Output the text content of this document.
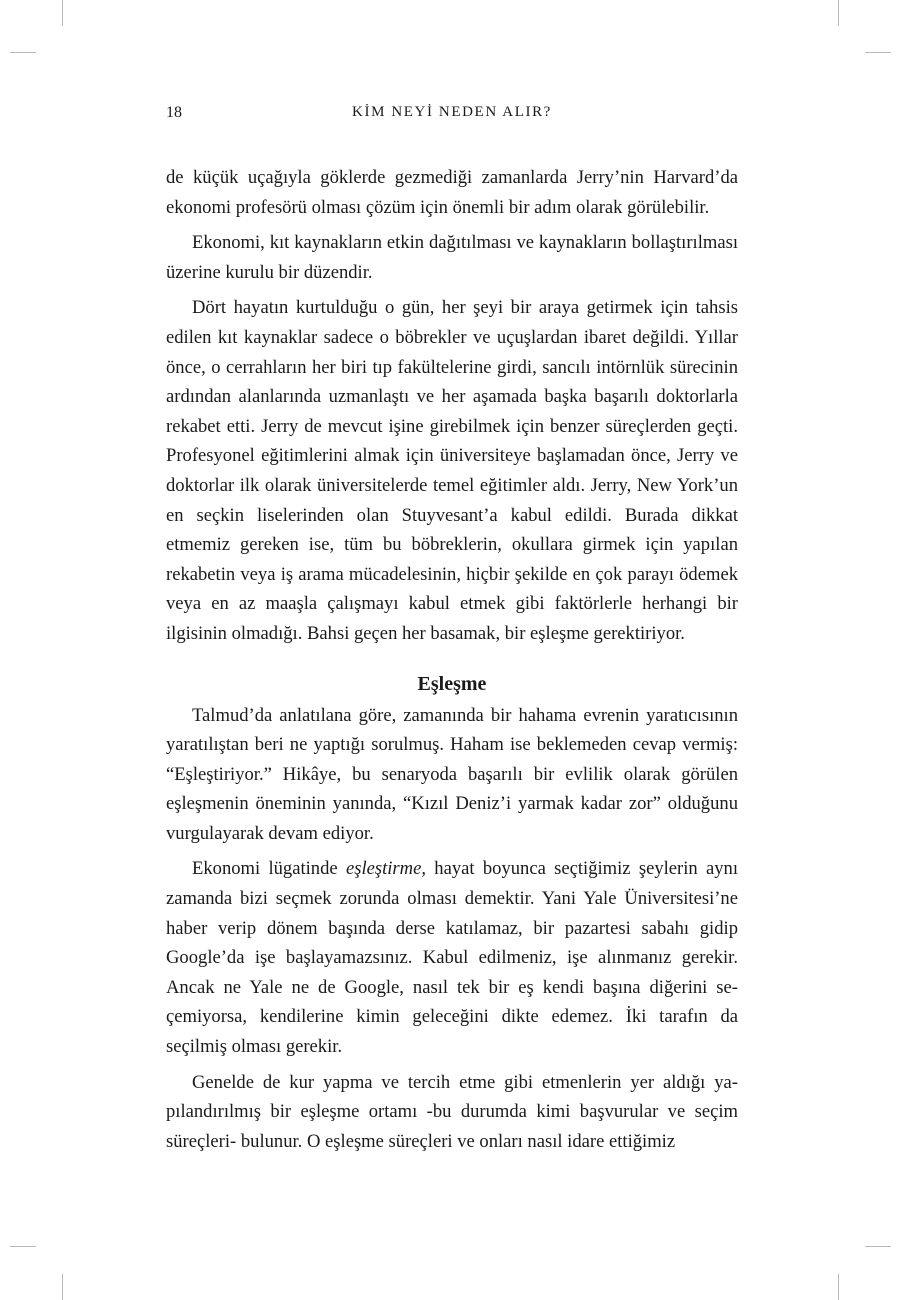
18	KİM NEYİ NEDEN ALIR?

de küçük uçağıyla göklerde gezmediği zamanlarda Jerry’nin Harvard’da ekonomi profesörü olması çözüm için önemli bir adım olarak görülebilir.

Ekonomi, kıt kaynakların etkin dağıtılması ve kaynakların bollaştırılması üzerine kurulu bir düzendir.

Dört hayatın kurtulduğu o gün, her şeyi bir araya getirmek için tahsis edilen kıt kaynaklar sadece o böbrekler ve uçuşlardan ibaret değildi. Yıllar önce, o cerrahların her biri tıp fakültelerine girdi, sancılı intörnlük sürecinin ardından alanlarında uzmanlaştı ve her aşamada başka başarılı doktorlarla rekabet etti. Jerry de mevcut işine girebilmek için benzer süreçlerden geçti. Profesyonel eğitimlerini almak için üniversiteye başlamadan önce, Jerry ve doktorlar ilk olarak üniversitelerde temel eğitimler aldı. Jerry, New York’un en seçkin liselerinden olan Stuyvesant’a kabul edildi. Burada dikkat etmemiz gereken ise, tüm bu böbreklerin, okullara girmek için yapılan rekabetin veya iş arama mücadelesinin, hiçbir şekilde en çok parayı ödemek veya en az maaşla çalışmayı kabul etmek gibi faktörlerle herhangi bir ilgisinin olmadığı. Bahsi geçen her basamak, bir eşleşme gerektiriyor.

Eşleşme

Talmud’da anlatılana göre, zamanında bir hahama evrenin yaratıcısının yaratılıştan beri ne yaptığı sorulmuş. Haham ise beklemeden cevap vermiş: “Eşleştiriyor.” Hikâye, bu senaryoda başarılı bir evlilik olarak görülen eşleşmenin öneminin yanında, “Kızıl Deniz’i yarmak kadar zor” olduğunu vurgulayarak devam ediyor.

Ekonomi lügatinde eşleştirme, hayat boyunca seçtiğimiz şeylerin aynı zamanda bizi seçmek zorunda olması demektir. Yani Yale Üniversitesi’ne haber verip dönem başında derse katılamaz, bir pazartesi sabahı gidip Google’da işe başlayamazsınız. Kabul edilmeniz, işe alınmanız gerekir. Ancak ne Yale ne de Google, nasıl tek bir eş kendi başına diğerini seçemiyorsa, kendilerine kimin geleceğini dikte edemez. İki tarafın da seçilmiş olması gerekir.

Genelde de kur yapma ve tercih etme gibi etmenlerin yer aldığı yapılandırılmış bir eşleşme ortamı -bu durumda kimi başvurular ve seçim süreçleri- bulunur. O eşleşme süreçleri ve onları nasıl idare ettiğimiz
